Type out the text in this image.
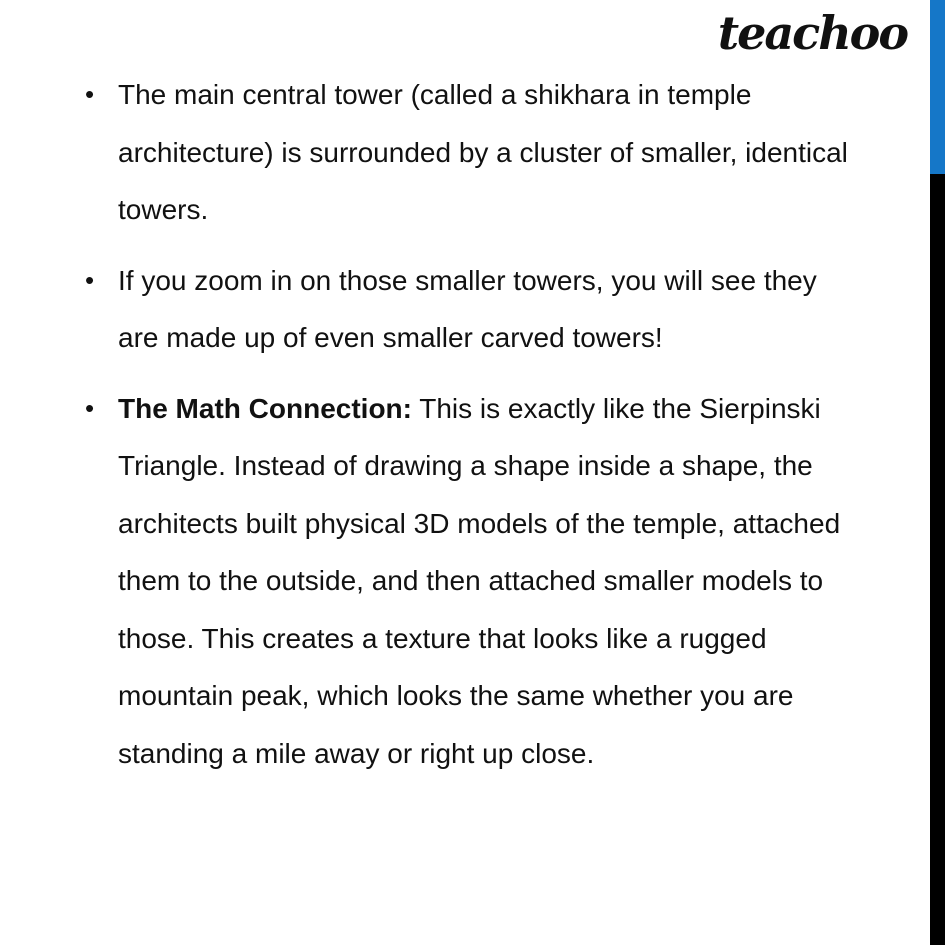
teachoo
• The main central tower (called a shikhara in temple
architecture) is surrounded by a cluster of smaller, identical
towers.
• If you zoom in on those smaller towers, you will see they
are made up of even smaller carved towers!
• The Math Connection: This is exactly like the Sierpinski
Triangle. Instead of drawing a shape inside a shape, the
architects built physical 3D models of the temple, attached
them to the outside, and then attached smaller models to
those. This creates a texture that looks like a rugged
mountain peak, which looks the same whether you are
standing a mile away or right up close.
